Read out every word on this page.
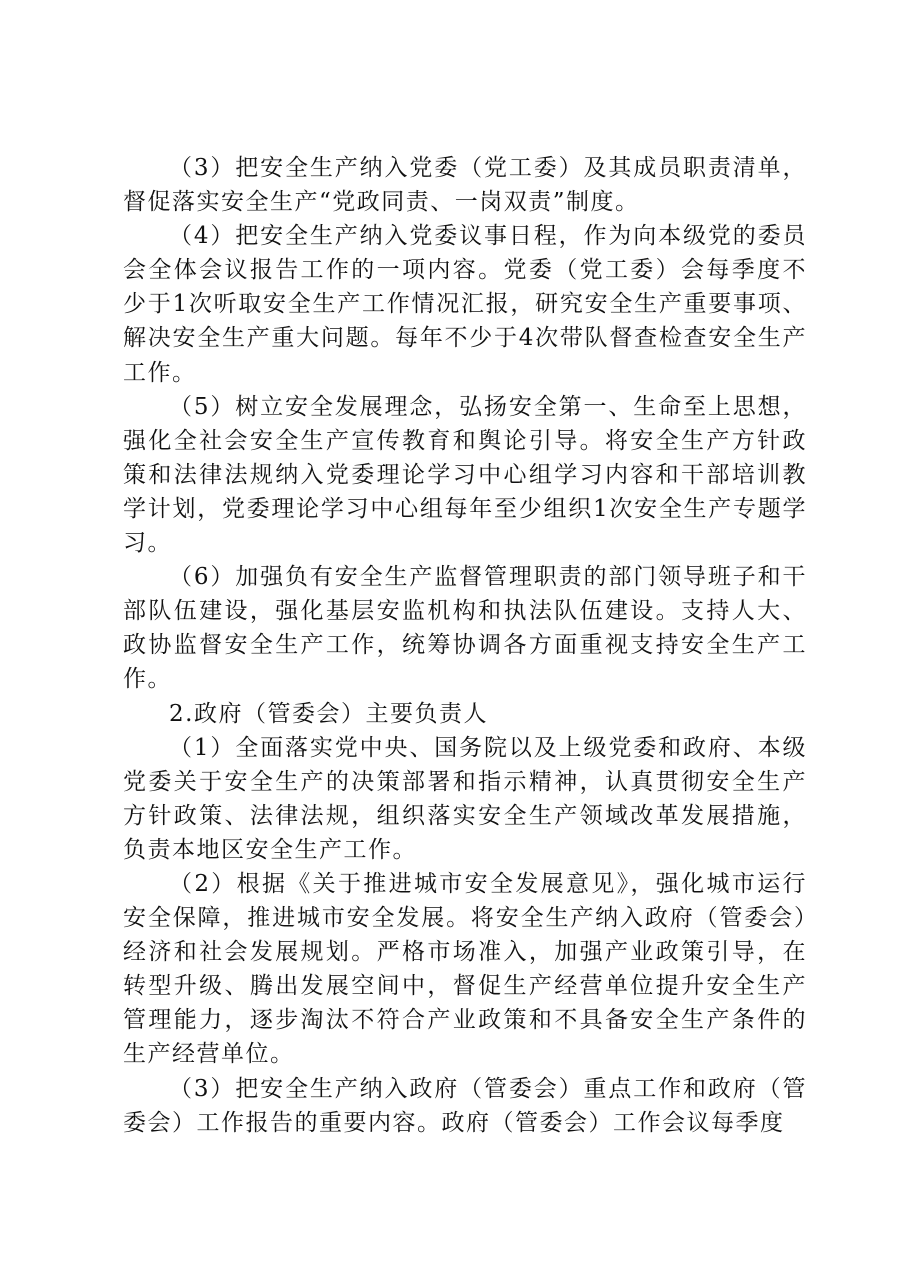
（3）把安全生产纳入党委（党工委）及其成员职责清单，督促落实安全生产“党政同责、一岗双责”制度。

（4）把安全生产纳入党委议事日程，作为向本级党的委员会全体会议报告工作的一项内容。党委（党工委）会每季度不少于1次听取安全生产工作情况汇报，研究安全生产重要事项、解决安全生产重大问题。每年不少于4次带队督查检查安全生产工作。

（5）树立安全发展理念，弘扬安全第一、生命至上思想，强化全社会安全生产宣传教育和舆论引导。将安全生产方针政策和法律法规纳入党委理论学习中心组学习内容和干部培训教学计划，党委理论学习中心组每年至少组织1次安全生产专题学习。

（6）加强负有安全生产监督管理职责的部门领导班子和干部队伍建设，强化基层安监机构和执法队伍建设。支持人大、政协监督安全生产工作，统筹协调各方面重视支持安全生产工作。

2.政府（管委会）主要负责人

（1）全面落实党中央、国务院以及上级党委和政府、本级党委关于安全生产的决策部署和指示精神，认真贯彻安全生产方针政策、法律法规，组织落实安全生产领域改革发展措施，负责本地区安全生产工作。

（2）根据《关于推进城市安全发展意见》，强化城市运行安全保障，推进城市安全发展。将安全生产纳入政府（管委会）经济和社会发展规划。严格市场准入，加强产业政策引导，在转型升级、腾出发展空间中，督促生产经营单位提升安全生产管理能力，逐步淘汰不符合产业政策和不具备安全生产条件的生产经营单位。

（3）把安全生产纳入政府（管委会）重点工作和政府（管委会）工作报告的重要内容。政府（管委会）工作会议每季度
